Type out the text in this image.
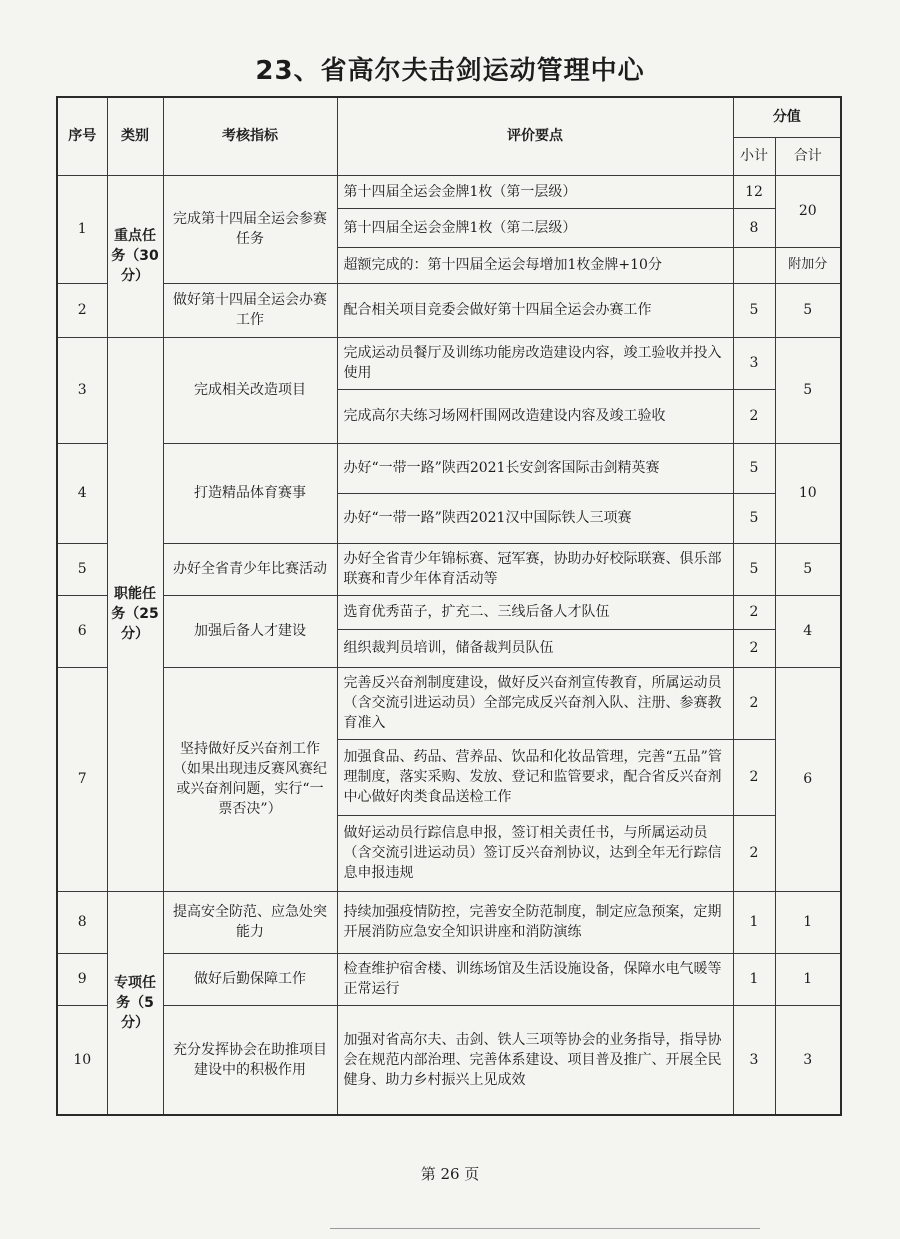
23、省高尔夫击剑运动管理中心
序号	类别	考核指标	评价要点	分值	
				小计	合计
1	重点任务（30分）	完成第十四届全运会参赛任务	第十四届全运会金牌1枚（第一层级）	12	20
			第十四届全运会金牌1枚（第二层级）	8	
			超额完成的：第十四届全运会每增加1枚金牌+10分		附加分
2		做好第十四届全运会办赛工作	配合相关项目竞委会做好第十四届全运会办赛工作	5	5
3	职能任务（25分）	完成相关改造项目	完成运动员餐厅及训练功能房改造建设内容，竣工验收并投入使用	3	5
			完成高尔夫练习场网杆围网改造建设内容及竣工验收	2	
4		打造精品体育赛事	办好“一带一路”陕西2021长安剑客国际击剑精英赛	5	10
			办好“一带一路”陕西2021汉中国际铁人三项赛	5	
5		办好全省青少年比赛活动	办好全省青少年锦标赛、冠军赛，协助办好校际联赛、俱乐部联赛和青少年体育活动等	5	5
6		加强后备人才建设	选育优秀苗子，扩充二、三线后备人才队伍	2	4
			组织裁判员培训，储备裁判员队伍	2	
7		坚持做好反兴奋剂工作（如果出现违反赛风赛纪或兴奋剂问题，实行“一票否决”）	完善反兴奋剂制度建设，做好反兴奋剂宣传教育，所属运动员（含交流引进运动员）全部完成反兴奋剂入队、注册、参赛教育准入	2	6
			加强食品、药品、营养品、饮品和化妆品管理，完善“五品”管理制度，落实采购、发放、登记和监管要求，配合省反兴奋剂中心做好肉类食品送检工作	2	
			做好运动员行踪信息申报，签订相关责任书，与所属运动员（含交流引进运动员）签订反兴奋剂协议，达到全年无行踪信息申报违规	2	
8	专项任务（5分）	提高安全防范、应急处突能力	持续加强疫情防控，完善安全防范制度，制定应急预案，定期开展消防应急安全知识讲座和消防演练	1	1
9		做好后勤保障工作	检查维护宿舍楼、训练场馆及生活设施设备，保障水电气暖等正常运行	1	1
10		充分发挥协会在助推项目建设中的积极作用	加强对省高尔夫、击剑、铁人三项等协会的业务指导，指导协会在规范内部治理、完善体系建设、项目普及推广、开展全民健身、助力乡村振兴上见成效	3	3
第 26 页
